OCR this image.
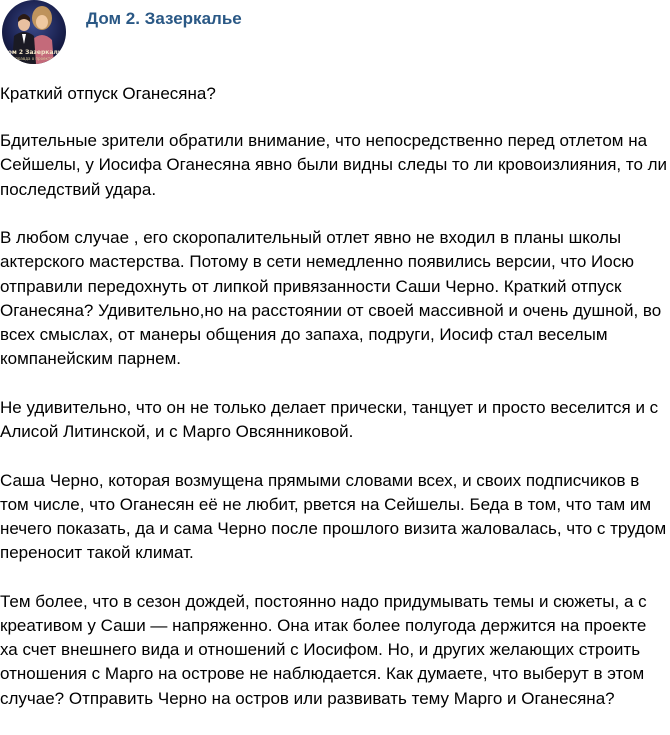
Дом 2 Зазеркалье
правда о проекте
Дом 2. Зазеркалье

Краткий отпуск Оганесяна?

Бдительные зрители обратили внимание, что непосредственно перед отлетом на Сейшелы, у Иосифа Оганесяна явно были видны следы то ли кровоизлияния, то ли последствий удара.

В любом случае , его скоропалительный отлет явно не входил в планы школы актерского мастерства. Потому в сети немедленно появились версии, что Иосю отправили передохнуть от липкой привязанности Саши Черно. Краткий отпуск Оганесяна? Удивительно,но на расстоянии от своей массивной и очень душной, во всех смыслах, от манеры общения до запаха, подруги, Иосиф стал веселым компанейским парнем.

Не удивительно, что он не только делает прически, танцует и просто веселится и с Алисой Литинской, и с Марго Овсянниковой.

Саша Черно, которая возмущена прямыми словами всех, и своих подписчиков в том числе, что Оганесян её не любит, рвется на Сейшелы. Беда в том, что там им нечего показать, да и сама Черно после прошлого визита жаловалась, что с трудом переносит такой климат.

Тем более, что в сезон дождей, постоянно надо придумывать темы и сюжеты, а с креативом у Саши — напряженно. Она итак более полугода держится на проекте ха счет внешнего вида и отношений с Иосифом. Но, и других желающих строить отношения с Марго на острове не наблюдается. Как думаете, что выберут в этом случае? Отправить Черно на остров или развивать тему Марго и Оганесяна?
